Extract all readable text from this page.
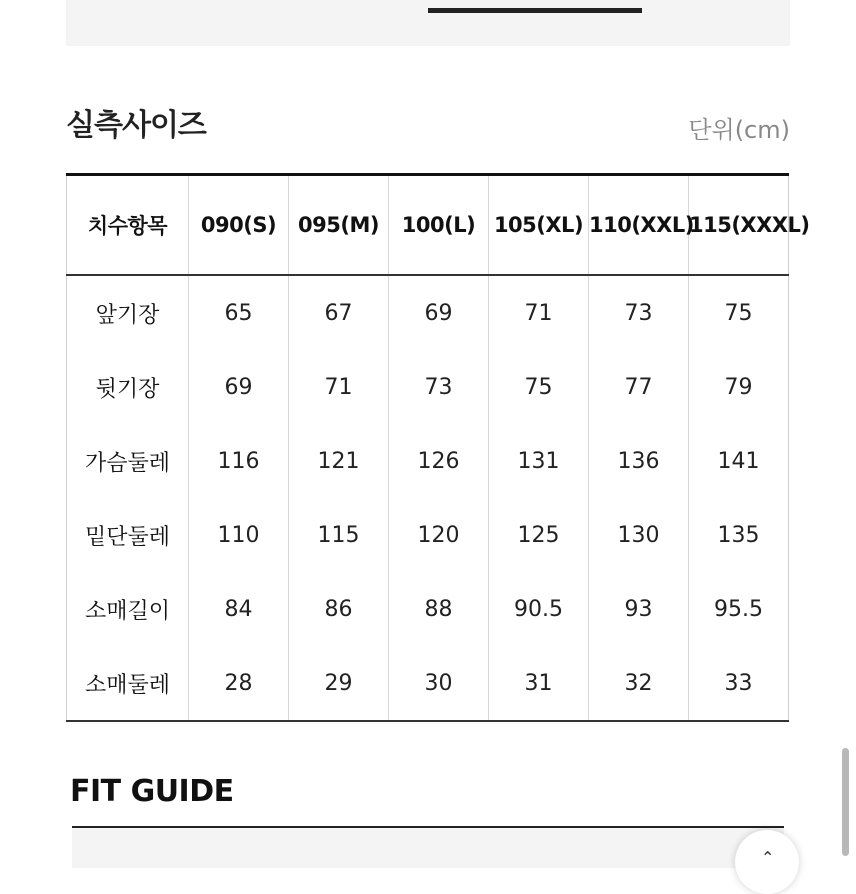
실측사이즈	단위(cm)
치수항목	090(S)	095(M)	100(L)	105(XL)	110(XXL)	115(XXXL)
앞기장	65	67	69	71	73	75
뒷기장	69	71	73	75	77	79
가슴둘레	116	121	126	131	136	141
밑단둘레	110	115	120	125	130	135
소매길이	84	86	88	90.5	93	95.5
소매둘레	28	29	30	31	32	33
FIT GUIDE
⌃
